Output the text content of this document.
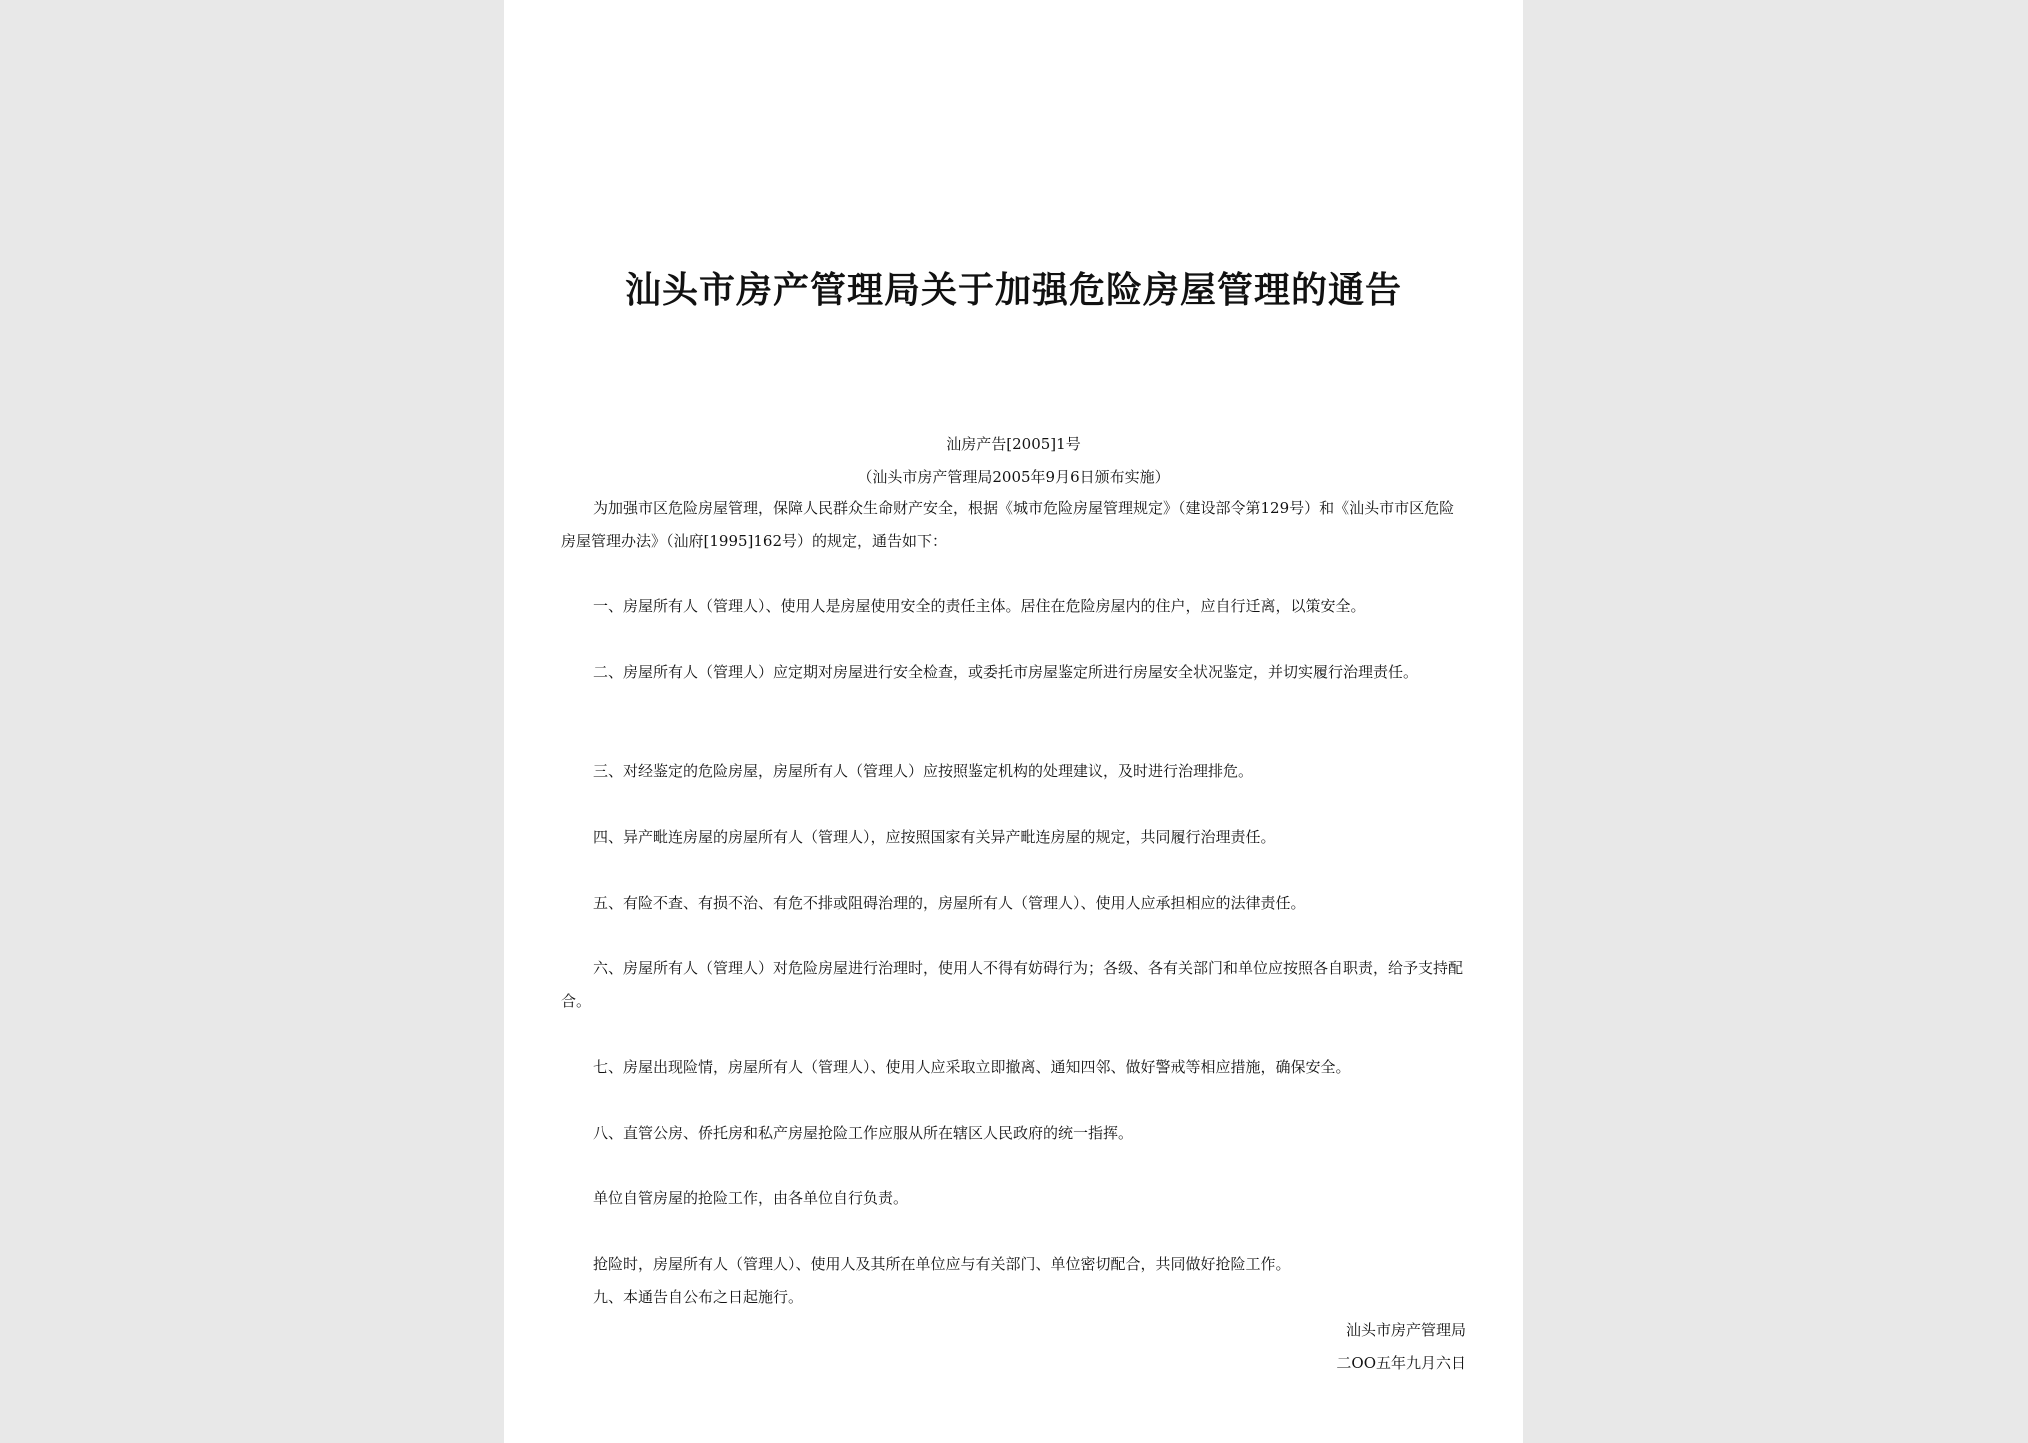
汕头市房产管理局关于加强危险房屋管理的通告
汕房产告[2005]1号
（汕头市房产管理局2005年9月6日颁布实施）

为加强市区危险房屋管理，保障人民群众生命财产安全，根据《城市危险房屋管理规定》（建设部令第129号）和《汕头市市区危险房屋管理办法》（汕府[1995]162号）的规定，通告如下：

一、房屋所有人（管理人）、使用人是房屋使用安全的责任主体。居住在危险房屋内的住户，应自行迁离，以策安全。

二、房屋所有人（管理人）应定期对房屋进行安全检查，或委托市房屋鉴定所进行房屋安全状况鉴定，并切实履行治理责任。

三、对经鉴定的危险房屋，房屋所有人（管理人）应按照鉴定机构的处理建议，及时进行治理排危。

四、异产毗连房屋的房屋所有人（管理人），应按照国家有关异产毗连房屋的规定，共同履行治理责任。

五、有险不查、有损不治、有危不排或阻碍治理的，房屋所有人（管理人）、使用人应承担相应的法律责任。

六、房屋所有人（管理人）对危险房屋进行治理时，使用人不得有妨碍行为；各级、各有关部门和单位应按照各自职责，给予支持配合。

七、房屋出现险情，房屋所有人（管理人）、使用人应采取立即撤离、通知四邻、做好警戒等相应措施，确保安全。

八、直管公房、侨托房和私产房屋抢险工作应服从所在辖区人民政府的统一指挥。

单位自管房屋的抢险工作，由各单位自行负责。

抢险时，房屋所有人（管理人）、使用人及其所在单位应与有关部门、单位密切配合，共同做好抢险工作。

九、本通告自公布之日起施行。

汕头市房产管理局
二OO五年九月六日
